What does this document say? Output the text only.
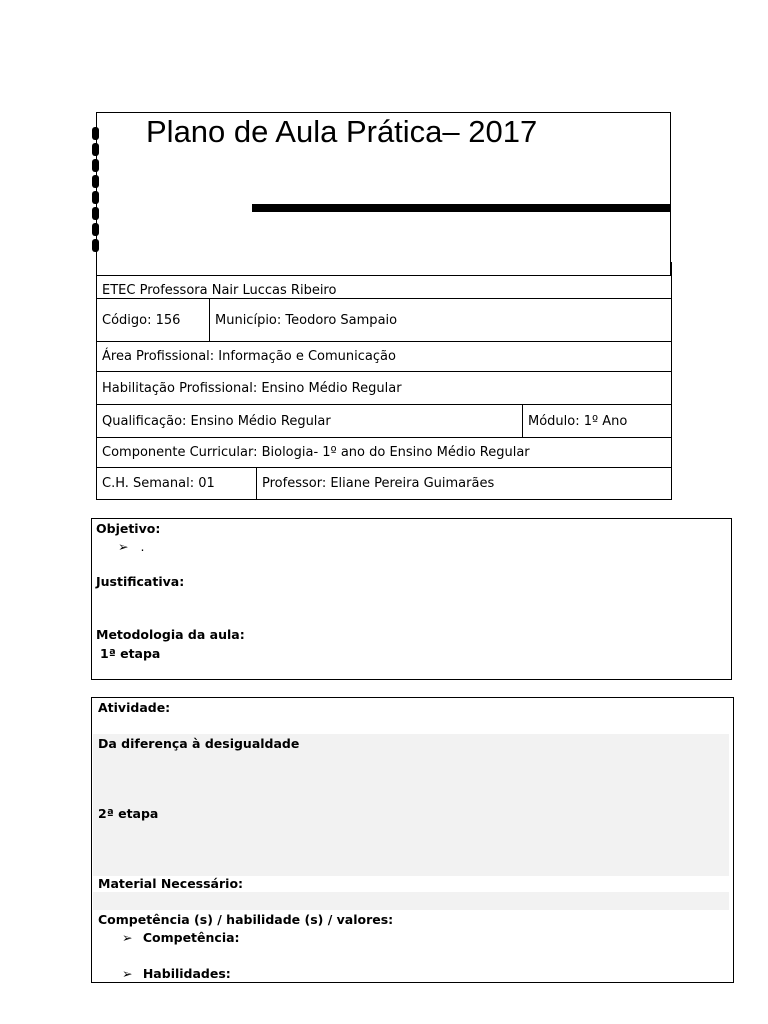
ETEC Professora Nair Luccas Ribeiro			
Código: 156	Município: Teodoro Sampaio		
Área Profissional: Informação e Comunicação			
Habilitação Profissional: Ensino Médio Regular			
Qualificação: Ensino Médio Regular			Módulo: 1º Ano
Componente Curricular: Biologia- 1º ano do Ensino Médio Regular			
C.H. Semanal: 01		Professor: Eliane Pereira Guimarães	
Plano de Aula Prática– 2017
Objetivo:
➢ .
Justificativa:
Metodologia da aula:
1ª etapa
Atividade:
Da diferença à desigualdade
2ª etapa
Material Necessário:
Competência (s) / habilidade (s) / valores:
➢ Competência:
➢ Habilidades:
